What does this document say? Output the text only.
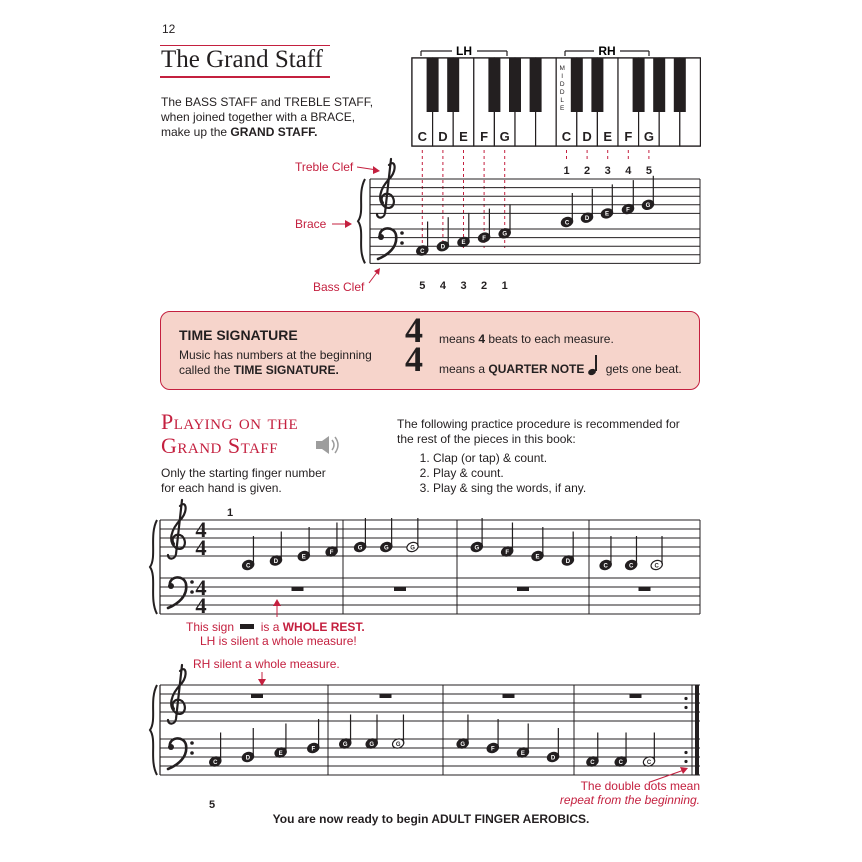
12
The Grand Staff
The BASS STAFF and TREBLE STAFF,
when joined together with a BRACE,
make up the GRAND STAFF.
LH	RH
C D E F G	C D E F G
M
I
D
D
L
E
1 2 3 4 5
C
D
E
F
G
C
D
E
F
G
5 4 3 2 1
Treble Clef
Brace
Bass Clef
4
4
4
4
C
D
E
F
G	G	G	G
F
E
D
C	C	C
1
C
D
E
F
G	G	G	G
F
E
D
C	C	C
5
TIME SIGNATURE
Music has numbers at the beginning called the TIME SIGNATURE.
4
4 means 4 beats to each measure.
means a QUARTER NOTE
gets one beat.
Playing on the
Grand Staff
Only the starting finger number for each hand is given.
The following practice procedure is recommended for the rest of the pieces in this book:
1. Clap (or tap) & count.
2. Play & count.
3. Play & sing the words, if any.
This sign  is a WHOLE REST.
LH is silent a whole measure!
RH silent a whole measure.
The double dots mean
repeat from the beginning.
You are now ready to begin ADULT FINGER AEROBICS.
